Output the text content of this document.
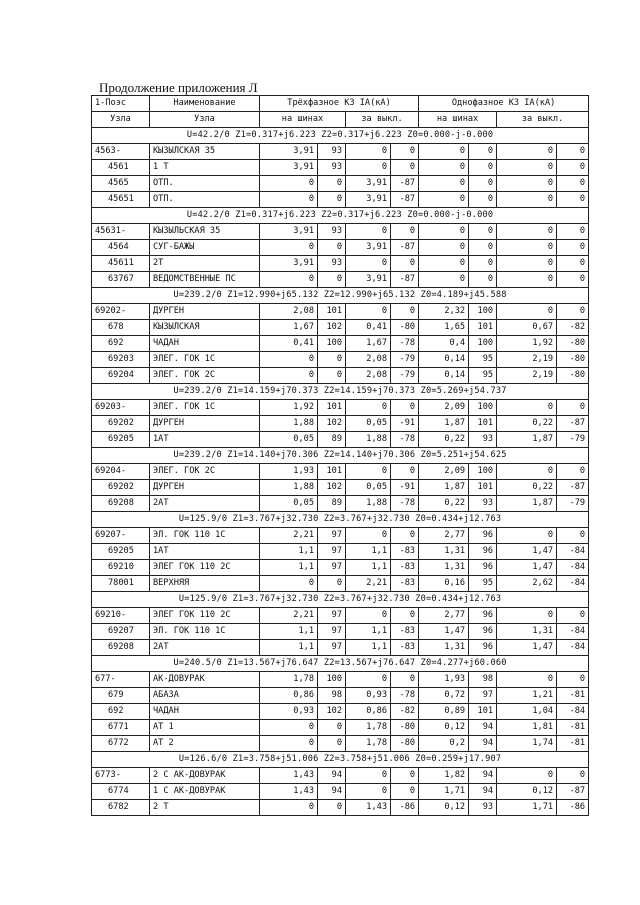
Продолжение приложения Л
1-Поэс	Наименование	Трёхфазное КЗ IA(кА)				Однофазное КЗ IA(кА)			
Узла	Узла	на шинах		за выкл.		на шинах		за выкл.	
U=42.2/0 Z1=0.317+j6.223 Z2=0.317+j6.223 Z0=0.000-j-0.000									
4563-	КЫЗЫЛСКАЯ 35	3,91	93	0	0	0	0	0	0
4561	1 Т	3,91	93	0	0	0	0	0	0
4565	ОТП.	0	0	3,91	-87	0	0	0	0
45651	ОТП.	0	0	3,91	-87	0	0	0	0
U=42.2/0 Z1=0.317+j6.223 Z2=0.317+j6.223 Z0=0.000-j-0.000									
45631-	КЫЗЫЛЬСКАЯ 35	3,91	93	0	0	0	0	0	0
4564	СУГ-БАЖЫ	0	0	3,91	-87	0	0	0	0
45611	2Т	3,91	93	0	0	0	0	0	0
63767	ВЕДОМСТВЕННЫЕ ПС	0	0	3,91	-87	0	0	0	0
U=239.2/0 Z1=12.990+j65.132 Z2=12.990+j65.132 Z0=4.189+j45.588									
69202-	ДУРГЕН	2,08	101	0	0	2,32	100	0	0
678	КЫЗЫЛСКАЯ	1,67	102	0,41	-80	1,65	101	0,67	-82
692	ЧАДАН	0,41	100	1,67	-78	0,4	100	1,92	-80
69203	ЭЛЕГ. ГОК 1С	0	0	2,08	-79	0,14	95	2,19	-80
69204	ЭЛЕГ. ГОК 2С	0	0	2,08	-79	0,14	95	2,19	-80
U=239.2/0 Z1=14.159+j70.373 Z2=14.159+j70.373 Z0=5.269+j54.737									
69203-	ЭЛЕГ. ГОК 1С	1,92	101	0	0	2,09	100	0	0
69202	ДУРГЕН	1,88	102	0,05	-91	1,87	101	0,22	-87
69205	1АТ	0,05	89	1,88	-78	0,22	93	1,87	-79
U=239.2/0 Z1=14.140+j70.306 Z2=14.140+j70.306 Z0=5.251+j54.625									
69204-	ЭЛЕГ. ГОК 2С	1,93	101	0	0	2,09	100	0	0
69202	ДУРГЕН	1,88	102	0,05	-91	1,87	101	0,22	-87
69208	2АТ	0,05	89	1,88	-78	0,22	93	1,87	-79
U=125.9/0 Z1=3.767+j32.730 Z2=3.767+j32.730 Z0=0.434+j12.763									
69207-	ЭЛ. ГОК 110 1С	2,21	97	0	0	2,77	96	0	0
69205	1АТ	1,1	97	1,1	-83	1,31	96	1,47	-84
69210	ЭЛЕГ ГОК 110 2С	1,1	97	1,1	-83	1,31	96	1,47	-84
78001	ВЕРХНЯЯ	0	0	2,21	-83	0,16	95	2,62	-84
U=125.9/0 Z1=3.767+j32.730 Z2=3.767+j32.730 Z0=0.434+j12.763									
69210-	ЭЛЕГ ГОК 110 2С	2,21	97	0	0	2,77	96	0	0
69207	ЭЛ. ГОК 110 1С	1,1	97	1,1	-83	1,47	96	1,31	-84
69208	2АТ	1,1	97	1,1	-83	1,31	96	1,47	-84
U=240.5/0 Z1=13.567+j76.647 Z2=13.567+j76.647 Z0=4.277+j60.060									
677-	АК-ДОВУРАК	1,78	100	0	0	1,93	98	0	0
679	АБАЗА	0,86	98	0,93	-78	0,72	97	1,21	-81
692	ЧАДАН	0,93	102	0,86	-82	0,89	101	1,04	-84
6771	АТ 1	0	0	1,78	-80	0,12	94	1,81	-81
6772	АТ 2	0	0	1,78	-80	0,2	94	1,74	-81
U=126.6/0 Z1=3.758+j51.006 Z2=3.758+j51.006 Z0=0.259+j17.907									
6773-	2 С АК-ДОВУРАК	1,43	94	0	0	1,82	94	0	0
6774	1 С АК-ДОВУРАК	1,43	94	0	0	1,71	94	0,12	-87
6782	2 Т	0	0	1,43	-86	0,12	93	1,71	-86
